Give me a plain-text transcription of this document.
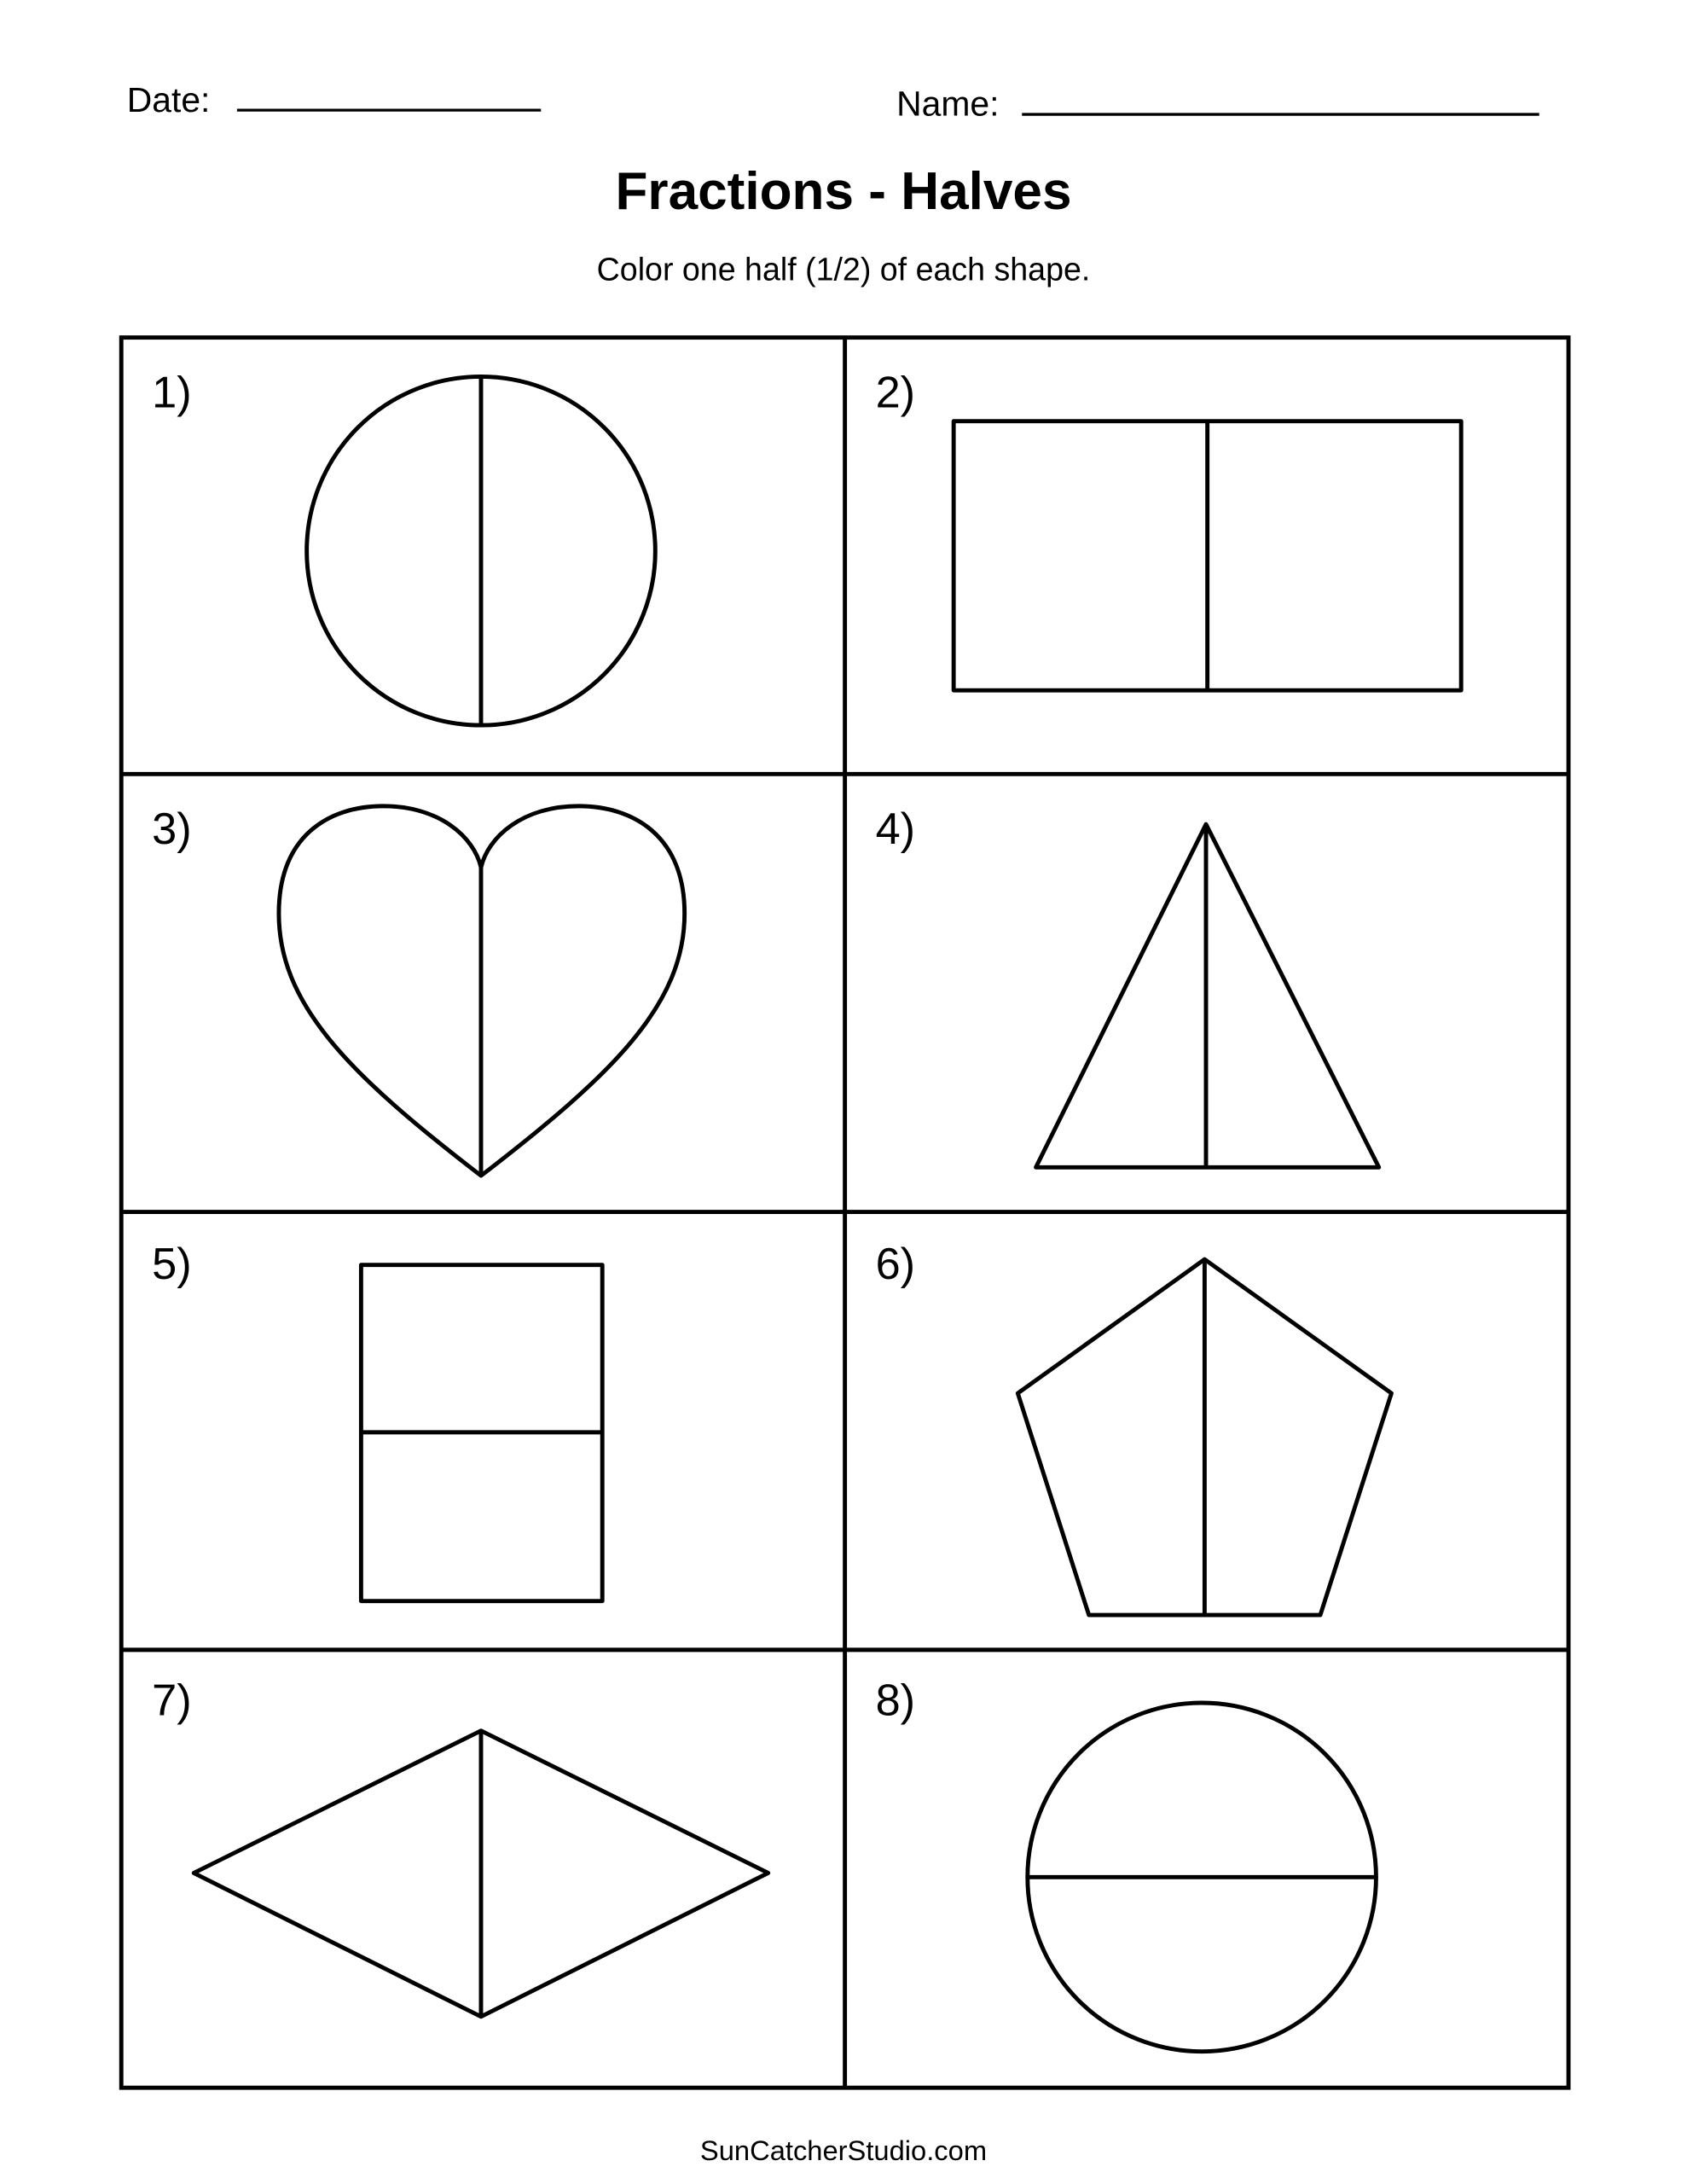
Date:	Name:
Fractions - Halves
Color one half (1/2) of each shape.
1)	2)
3)	4)
5)	6)
7)	8)
SunCatcherStudio.com
